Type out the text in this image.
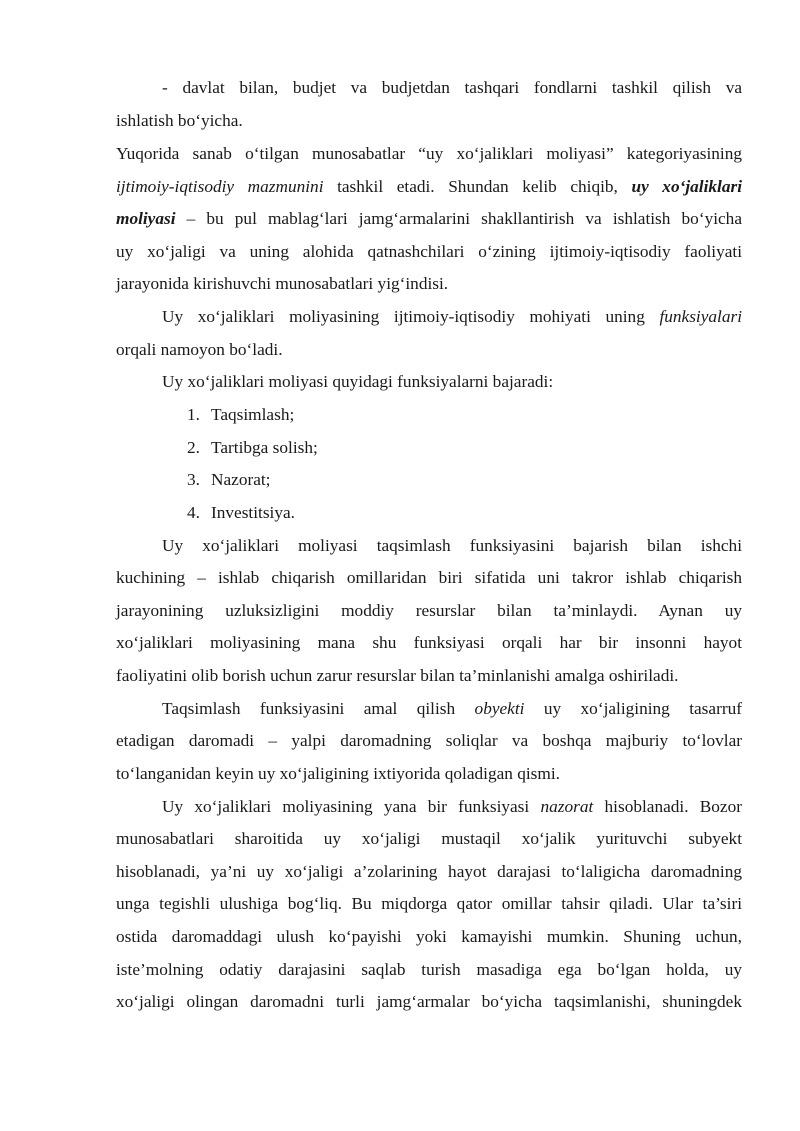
- davlat bilan, budjet va budjetdan tashqari fondlarni tashkil qilish va
ishlatish bo‘yicha.
Yuqorida sanab o‘tilgan munosabatlar “uy xo‘jaliklari moliyasi” kategoriyasining
ijtimoiy-iqtisodiy mazmunini tashkil etadi. Shundan kelib chiqib, uy xo‘jaliklari
moliyasi – bu pul mablag‘lari jamg‘armalarini shakllantirish va ishlatish bo‘yicha
uy xo‘jaligi va uning alohida qatnashchilari o‘zining ijtimoiy-iqtisodiy faoliyati
jarayonida kirishuvchi munosabatlari yig‘indisi.
Uy xo‘jaliklari moliyasining ijtimoiy-iqtisodiy mohiyati uning funksiyalari
orqali namoyon bo‘ladi.
Uy xo‘jaliklari moliyasi quyidagi funksiyalarni bajaradi:
1. Taqsimlash;
2. Tartibga solish;
3. Nazorat;
4. Investitsiya.
Uy xo‘jaliklari moliyasi taqsimlash funksiyasini bajarish bilan ishchi
kuchining – ishlab chiqarish omillaridan biri sifatida uni takror ishlab chiqarish
jarayonining uzluksizligini moddiy resurslar bilan ta’minlaydi. Aynan uy
xo‘jaliklari moliyasining mana shu funksiyasi orqali har bir insonni hayot
faoliyatini olib borish uchun zarur resurslar bilan ta’minlanishi amalga oshiriladi.
Taqsimlash funksiyasini amal qilish obyekti uy xo‘jaligining tasarruf
etadigan daromadi – yalpi daromadning soliqlar va boshqa majburiy to‘lovlar
to‘langanidan keyin uy xo‘jaligining ixtiyorida qoladigan qismi.
Uy xo‘jaliklari moliyasining yana bir funksiyasi nazorat hisoblanadi. Bozor
munosabatlari sharoitida uy xo‘jaligi mustaqil xo‘jalik yurituvchi subyekt
hisoblanadi, ya’ni uy xo‘jaligi a’zolarining hayot darajasi to‘laligicha daromadning
unga tegishli ulushiga bog‘liq. Bu miqdorga qator omillar tahsir qiladi. Ular ta’siri
ostida daromaddagi ulush ko‘payishi yoki kamayishi mumkin. Shuning uchun,
iste’molning odatiy darajasini saqlab turish masadiga ega bo‘lgan holda, uy
xo‘jaligi olingan daromadni turli jamg‘armalar bo‘yicha taqsimlanishi, shuningdek
